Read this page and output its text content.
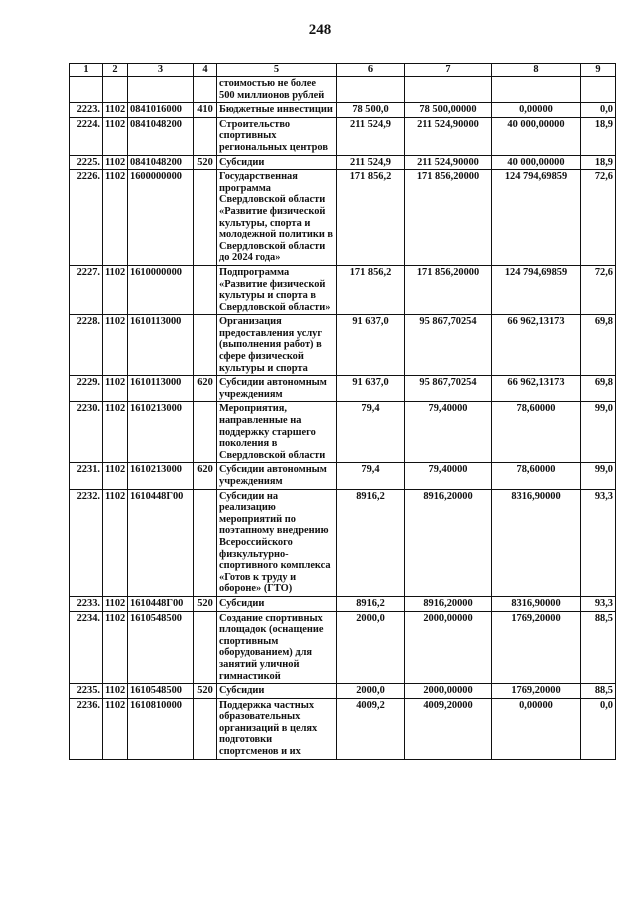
248
1	2	3	4	5	6	7	8	9
				стоимостью не более 500 миллионов рублей				
2223.	1102	0841016000	410	Бюджетные инвестиции	78 500,0	78 500,00000	0,00000	0,0
2224.	1102	0841048200		Строительство спортивных региональных центров	211 524,9	211 524,90000	40 000,00000	18,9
2225.	1102	0841048200	520	Субсидии	211 524,9	211 524,90000	40 000,00000	18,9
2226.	1102	1600000000		Государственная программа Свердловской области «Развитие физической культуры, спорта и молодежной политики в Свердловской области до 2024 года»	171 856,2	171 856,20000	124 794,69859	72,6
2227.	1102	1610000000		Подпрограмма «Развитие физической культуры и спорта в Свердловской области»	171 856,2	171 856,20000	124 794,69859	72,6
2228.	1102	1610113000		Организация предоставления услуг (выполнения работ) в сфере физической культуры и спорта	91 637,0	95 867,70254	66 962,13173	69,8
2229.	1102	1610113000	620	Субсидии автономным учреждениям	91 637,0	95 867,70254	66 962,13173	69,8
2230.	1102	1610213000		Мероприятия, направленные на поддержку старшего поколения в Свердловской области	79,4	79,40000	78,60000	99,0
2231.	1102	1610213000	620	Субсидии автономным учреждениям	79,4	79,40000	78,60000	99,0
2232.	1102	1610448Г00		Субсидии на реализацию мероприятий по поэтапному внедрению Всероссийского физкультурно-спортивного комплекса «Готов к труду и обороне» (ГТО)	8916,2	8916,20000	8316,90000	93,3
2233.	1102	1610448Г00	520	Субсидии	8916,2	8916,20000	8316,90000	93,3
2234.	1102	1610548500		Создание спортивных площадок (оснащение спортивным оборудованием) для занятий уличной гимнастикой	2000,0	2000,00000	1769,20000	88,5
2235.	1102	1610548500	520	Субсидии	2000,0	2000,00000	1769,20000	88,5
2236.	1102	1610810000		Поддержка частных образовательных организаций в целях подготовки спортсменов и их	4009,2	4009,20000	0,00000	0,0
